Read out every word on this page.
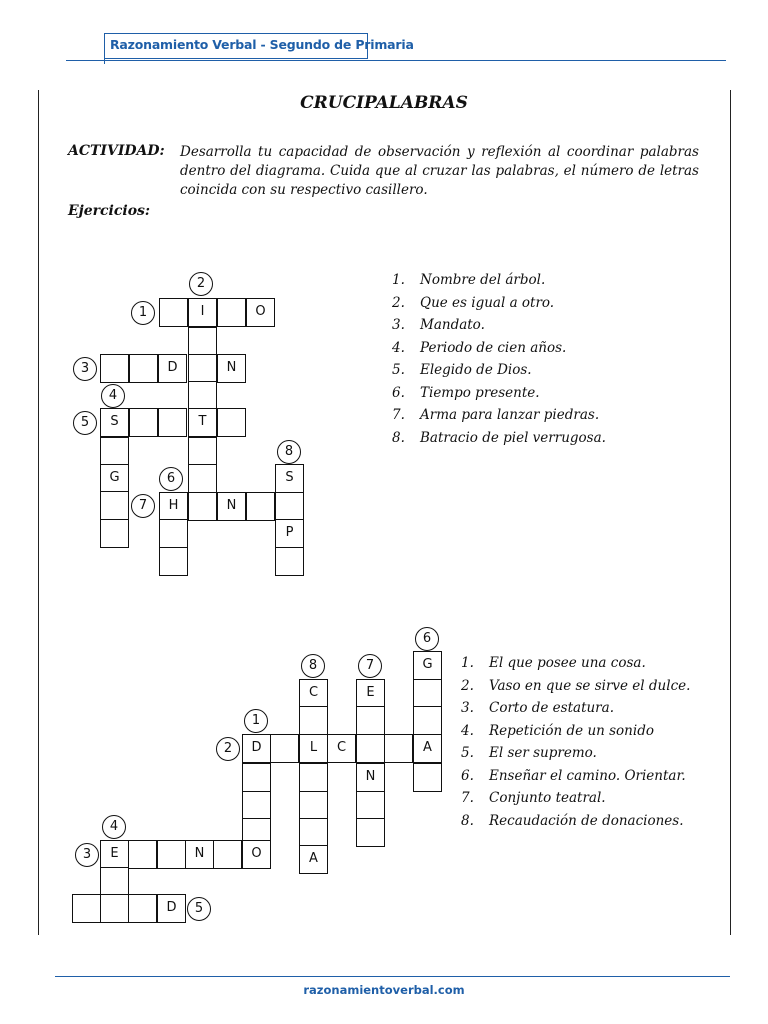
Razonamiento Verbal - Segundo de Primaria
CRUCIPALABRAS
ACTIVIDAD: Desarrolla tu capacidad de observación y reflexión al coordinar palabras dentro del diagrama. Cuida que al cruzar las palabras, el número de letras coincida con su respectivo casillero.
Ejercicios:
I	O
D	N
S	T
G
H	N
S
P
2
1
3
4
5
8
6
7
1. Nombre del árbol.
2. Que es igual a otro.
3. Mandato.
4. Periodo de cien años.
5. Elegido de Dios.
6. Tiempo presente.
7. Arma para lanzar piedras.
8. Batracio de piel verrugosa.
G
C
A
E
N
D	L	C	A
E	N	O
D
6
8	7
1
2
4
3
5
1. El que posee una cosa.
2. Vaso en que se sirve el dulce.
3. Corto de estatura.
4. Repetición de un sonido
5. El ser supremo.
6. Enseñar el camino. Orientar.
7. Conjunto teatral.
8. Recaudación de donaciones.
razonamientoverbal.com
